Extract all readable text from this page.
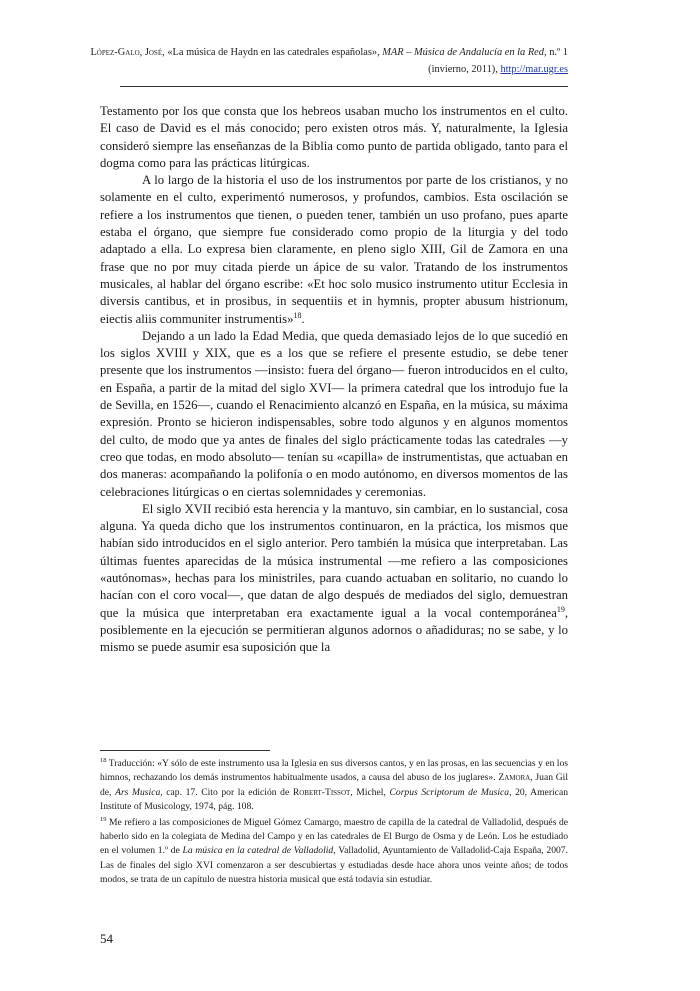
López-Galo, José, «La música de Haydn en las catedrales españolas», MAR – Música de Andalucía en la Red, n.º 1 (invierno, 2011), http://mar.ugr.es

Testamento por los que consta que los hebreos usaban mucho los instrumentos en el culto. El caso de David es el más conocido; pero existen otros más. Y, naturalmente, la Iglesia consideró siempre las enseñanzas de la Biblia como punto de partida obligado, tanto para el dogma como para las prácticas litúrgicas.

A lo largo de la historia el uso de los instrumentos por parte de los cristianos, y no solamente en el culto, experimentó numerosos, y profundos, cambios. Esta oscilación se refiere a los instrumentos que tienen, o pueden tener, también un uso profano, pues aparte estaba el órgano, que siempre fue considerado como propio de la liturgia y del todo adaptado a ella. Lo expresa bien claramente, en pleno siglo XIII, Gil de Zamora en una frase que no por muy citada pierde un ápice de su valor. Tratando de los instrumentos musicales, al hablar del órgano escribe: «Et hoc solo musico instrumento utitur Ecclesia in diversis cantibus, et in prosibus, in sequentiis et in hymnis, propter abusum histrionum, eiectis aliis communiter instrumentis»$^{18}$.

Dejando a un lado la Edad Media, que queda demasiado lejos de lo que sucedió en los siglos XVIII y XIX, que es a los que se refiere el presente estudio, se debe tener presente que los instrumentos —insisto: fuera del órgano— fueron introducidos en el culto, en España, a partir de la mitad del siglo XVI— la primera catedral que los introdujo fue la de Sevilla, en 1526—, cuando el Renacimiento alcanzó en España, en la música, su máxima expresión. Pronto se hicieron indispensables, sobre todo algunos y en algunos momentos del culto, de modo que ya antes de finales del siglo prácticamente todas las catedrales —y creo que todas, en modo absoluto— tenían su «capilla» de instrumentistas, que actuaban en dos maneras: acompañando la polifonía o en modo autónomo, en diversos momentos de las celebraciones litúrgicas o en ciertas solemnidades y ceremonias.

El siglo XVII recibió esta herencia y la mantuvo, sin cambiar, en lo sustancial, cosa alguna. Ya queda dicho que los instrumentos continuaron, en la práctica, los mismos que habían sido introducidos en el siglo anterior. Pero también la música que interpretaban. Las últimas fuentes aparecidas de la música instrumental —me refiero a las composiciones «autónomas», hechas para los ministriles, para cuando actuaban en solitario, no cuando lo hacían con el coro vocal—, que datan de algo después de mediados del siglo, demuestran que la música que interpretaban era exactamente igual a la vocal contemporánea$^{19}$, posiblemente en la ejecución se permitieran algunos adornos o añadiduras; no se sabe, y lo mismo se puede asumir esa suposición que la

$^{18}$ Traducción: «Y sólo de este instrumento usa la Iglesia en sus diversos cantos, y en las prosas, en las secuencias y en los himnos, rechazando los demás instrumentos habitualmente usados, a causa del abuso de los juglares». Zamora, Juan Gil de, Ars Musica, cap. 17. Cito por la edición de Robert-Tissot, Michel, Corpus Scriptorum de Musica, 20, American Institute of Musicology, 1974, pág. 108.

$^{19}$ Me refiero a las composiciones de Miguel Gómez Camargo, maestro de capilla de la catedral de Valladolid, después de haberlo sido en la colegiata de Medina del Campo y en las catedrales de El Burgo de Osma y de León. Los he estudiado en el volumen 1.º de La música en la catedral de Valladolid, Valladolid, Ayuntamiento de Valladolid-Caja España, 2007. Las de finales del siglo XVI comenzaron a ser descubiertas y estudiadas desde hace ahora unos veinte años; de todos modos, se trata de un capítulo de nuestra historia musical que está todavía sin estudiar.

54
